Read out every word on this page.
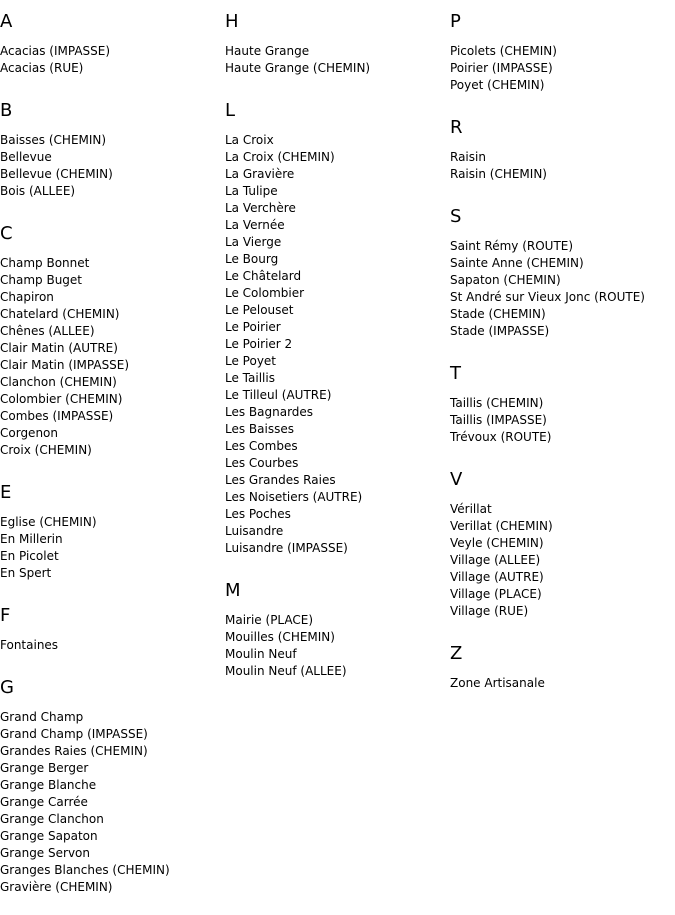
A
Acacias (IMPASSE)
Acacias (RUE)
B
Baisses (CHEMIN)
Bellevue
Bellevue (CHEMIN)
Bois (ALLEE)
C
Champ Bonnet
Champ Buget
Chapiron
Chatelard (CHEMIN)
Chênes (ALLEE)
Clair Matin (AUTRE)
Clair Matin (IMPASSE)
Clanchon (CHEMIN)
Colombier (CHEMIN)
Combes (IMPASSE)
Corgenon
Croix (CHEMIN)
E
Eglise (CHEMIN)
En Millerin
En Picolet
En Spert
F
Fontaines
G
Grand Champ
Grand Champ (IMPASSE)
Grandes Raies (CHEMIN)
Grange Berger
Grange Blanche
Grange Carrée
Grange Clanchon
Grange Sapaton
Grange Servon
Granges Blanches (CHEMIN)
Gravière (CHEMIN)
H
Haute Grange
Haute Grange (CHEMIN)
L
La Croix
La Croix (CHEMIN)
La Gravière
La Tulipe
La Verchère
La Vernée
La Vierge
Le Bourg
Le Châtelard
Le Colombier
Le Pelouset
Le Poirier
Le Poirier 2
Le Poyet
Le Taillis
Le Tilleul (AUTRE)
Les Bagnardes
Les Baisses
Les Combes
Les Courbes
Les Grandes Raies
Les Noisetiers (AUTRE)
Les Poches
Luisandre
Luisandre (IMPASSE)
M
Mairie (PLACE)
Mouilles (CHEMIN)
Moulin Neuf
Moulin Neuf (ALLEE)
P
Picolets (CHEMIN)
Poirier (IMPASSE)
Poyet (CHEMIN)
R
Raisin
Raisin (CHEMIN)
S
Saint Rémy (ROUTE)
Sainte Anne (CHEMIN)
Sapaton (CHEMIN)
St André sur Vieux Jonc (ROUTE)
Stade (CHEMIN)
Stade (IMPASSE)
T
Taillis (CHEMIN)
Taillis (IMPASSE)
Trévoux (ROUTE)
V
Vérillat
Verillat (CHEMIN)
Veyle (CHEMIN)
Village (ALLEE)
Village (AUTRE)
Village (PLACE)
Village (RUE)
Z
Zone Artisanale
